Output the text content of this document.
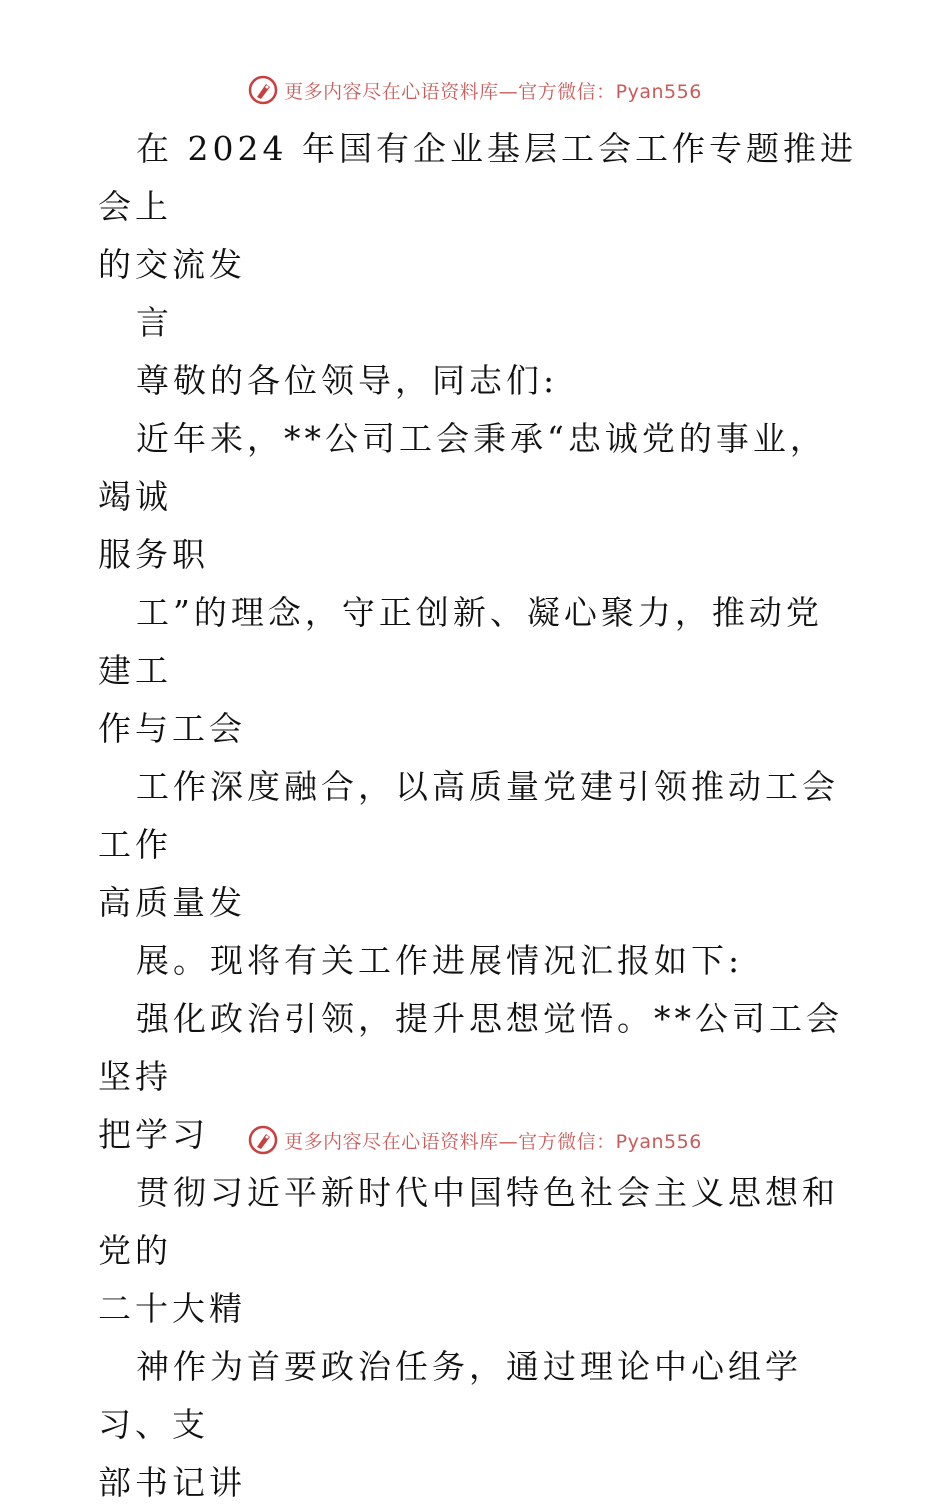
更多内容尽在心语资料库—官方微信：Pyan556

在 2024 年国有企业基层工会工作专题推进会上

的交流发

言

尊敬的各位领导，同志们:

近年来，**公司工会秉承“忠诚党的事业，竭诚

服务职

工”的理念，守正创新、凝心聚力，推动党建工

作与工会

工作深度融合，以高质量党建引领推动工会工作

高质量发

展。现将有关工作进展情况汇报如下:

强化政治引领，提升思想觉悟。**公司工会坚持

把学习

贯彻习近平新时代中国特色社会主义思想和党的

二十大精

神作为首要政治任务，通过理论中心组学习、支

部书记讲

更多内容尽在心语资料库—官方微信：Pyan556
